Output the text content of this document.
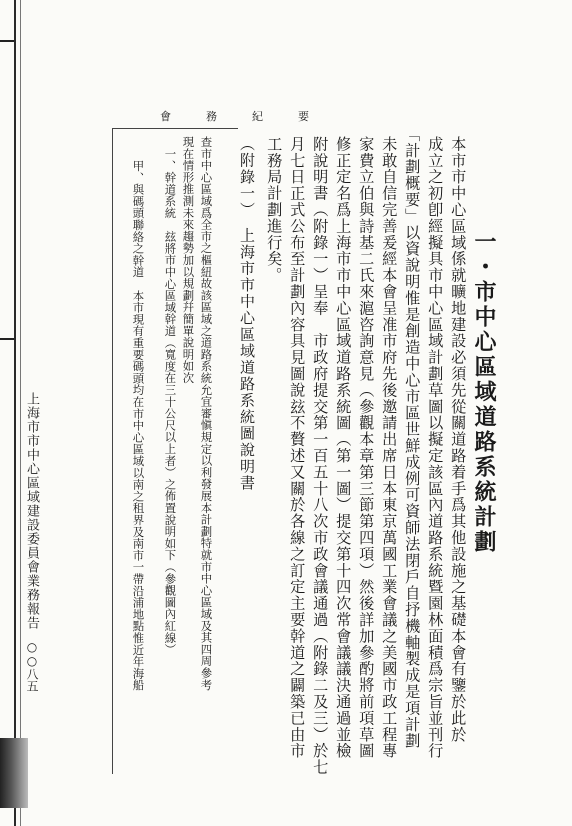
上海市市中心區域建設委員會業務報告
○○八五
會　務　紀　要
一・市中心區域道路系統計劃
本市市中心區域係就曠地建設必須先從關道路着手爲其他設施之基礎本會有鑒於此於
成立之初卽經擬具市中心區域計劃草圖以擬定該區內道路系統暨園林面積爲宗旨並刊行
「計劃概要」以資說明惟是創造中心市區世鮮成例可資師法閉戶自抒機軸製成是項計劃
未敢自信完善爰經本會呈准市府先後邀請出席日本東京萬國工業會議之美國市政工程專
家費立伯與詩基二氏來滬咨詢意見（參觀本章第三節第四項）然後詳加參酌將前項草圖
修正定名爲上海市市中心區域道路系統圖（第一圖）提交第十四次常會議議決通過並檢
附說明書（附錄一）呈奉　市政府提交第一百五十八次市政會議通過（附錄二及三）於七
月七日正式公布至計劃內容具見圖說玆不贅述又關於各線之訂定主要幹道之闢築已由市
工務局計劃進行矣。
（附錄一）　上海市市中心區域道路系統圖說明書
查市中心區域爲全市之樞紐故該區域之道路系統允宜審愼規定以利發展本計劃特就市中心區域及其四周參考
現在情形推測未來趨勢加以規劃幷簡單說明如次
一、幹道系統　玆將市中心區域幹道（寬度在三十公尺以上者）之佈置說明如下（參觀圖內紅線）
甲、與碼頭聯絡之幹道　本市現有重要碼頭均在市中心區域以南之租界及南市一帶沿浦地點惟近年海船
